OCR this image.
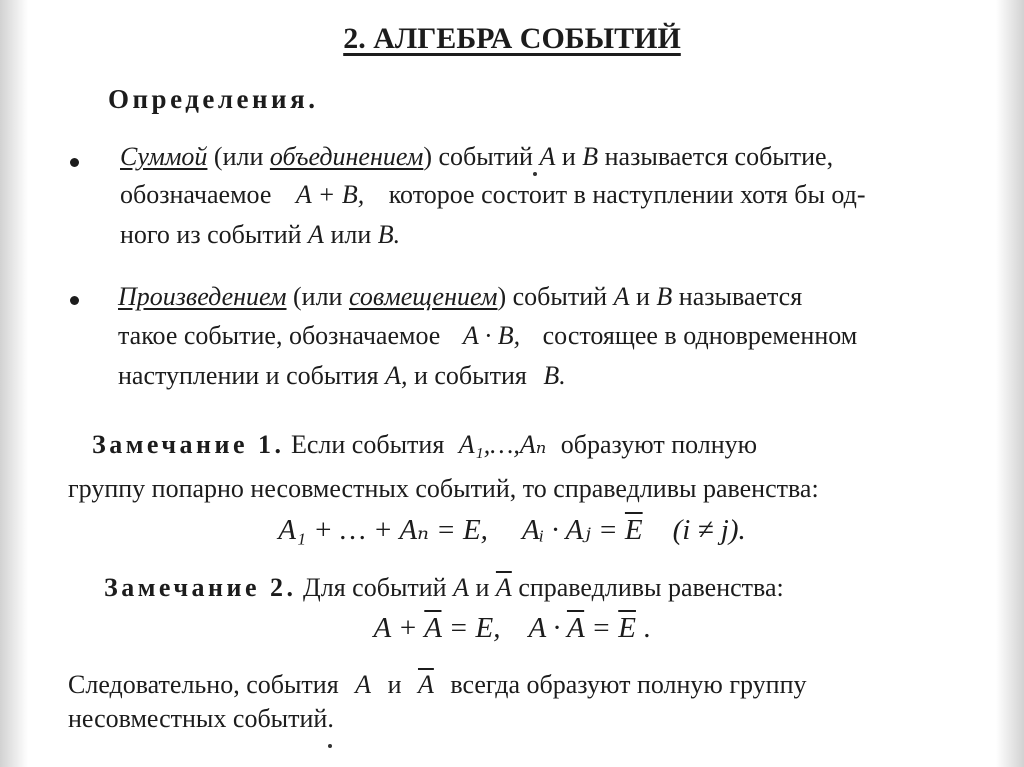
2. АЛГЕБРА СОБЫТИЙ
Определения.
Суммой (или объединением) событий A и B называется событие,
обозначаемое A + B, которое состоит в наступлении хотя бы од-
ного из событий A или B.
Произведением (или совмещением) событий A и B называется
такое событие, обозначаемое A · B, состоящее в одновременном
наступлении и события A, и события B.
Замечание 1. Если события A₁,…,Aₙ образуют полную
группу попарно несовместных событий, то справедливы равенства:
A₁ + … + Aₙ = E, Aᵢ · Aⱼ = $\overline{E}$ (i ≠ j).
Замечание 2. Для событий A и $\overline{A}$ справедливы равенства:
$A + \overline{A} = E$, $A \cdot \overline{A} = \overline{E}$ .
Следовательно, события A и $\overline{A}$ всегда образуют полную группу
несовместных событий.
